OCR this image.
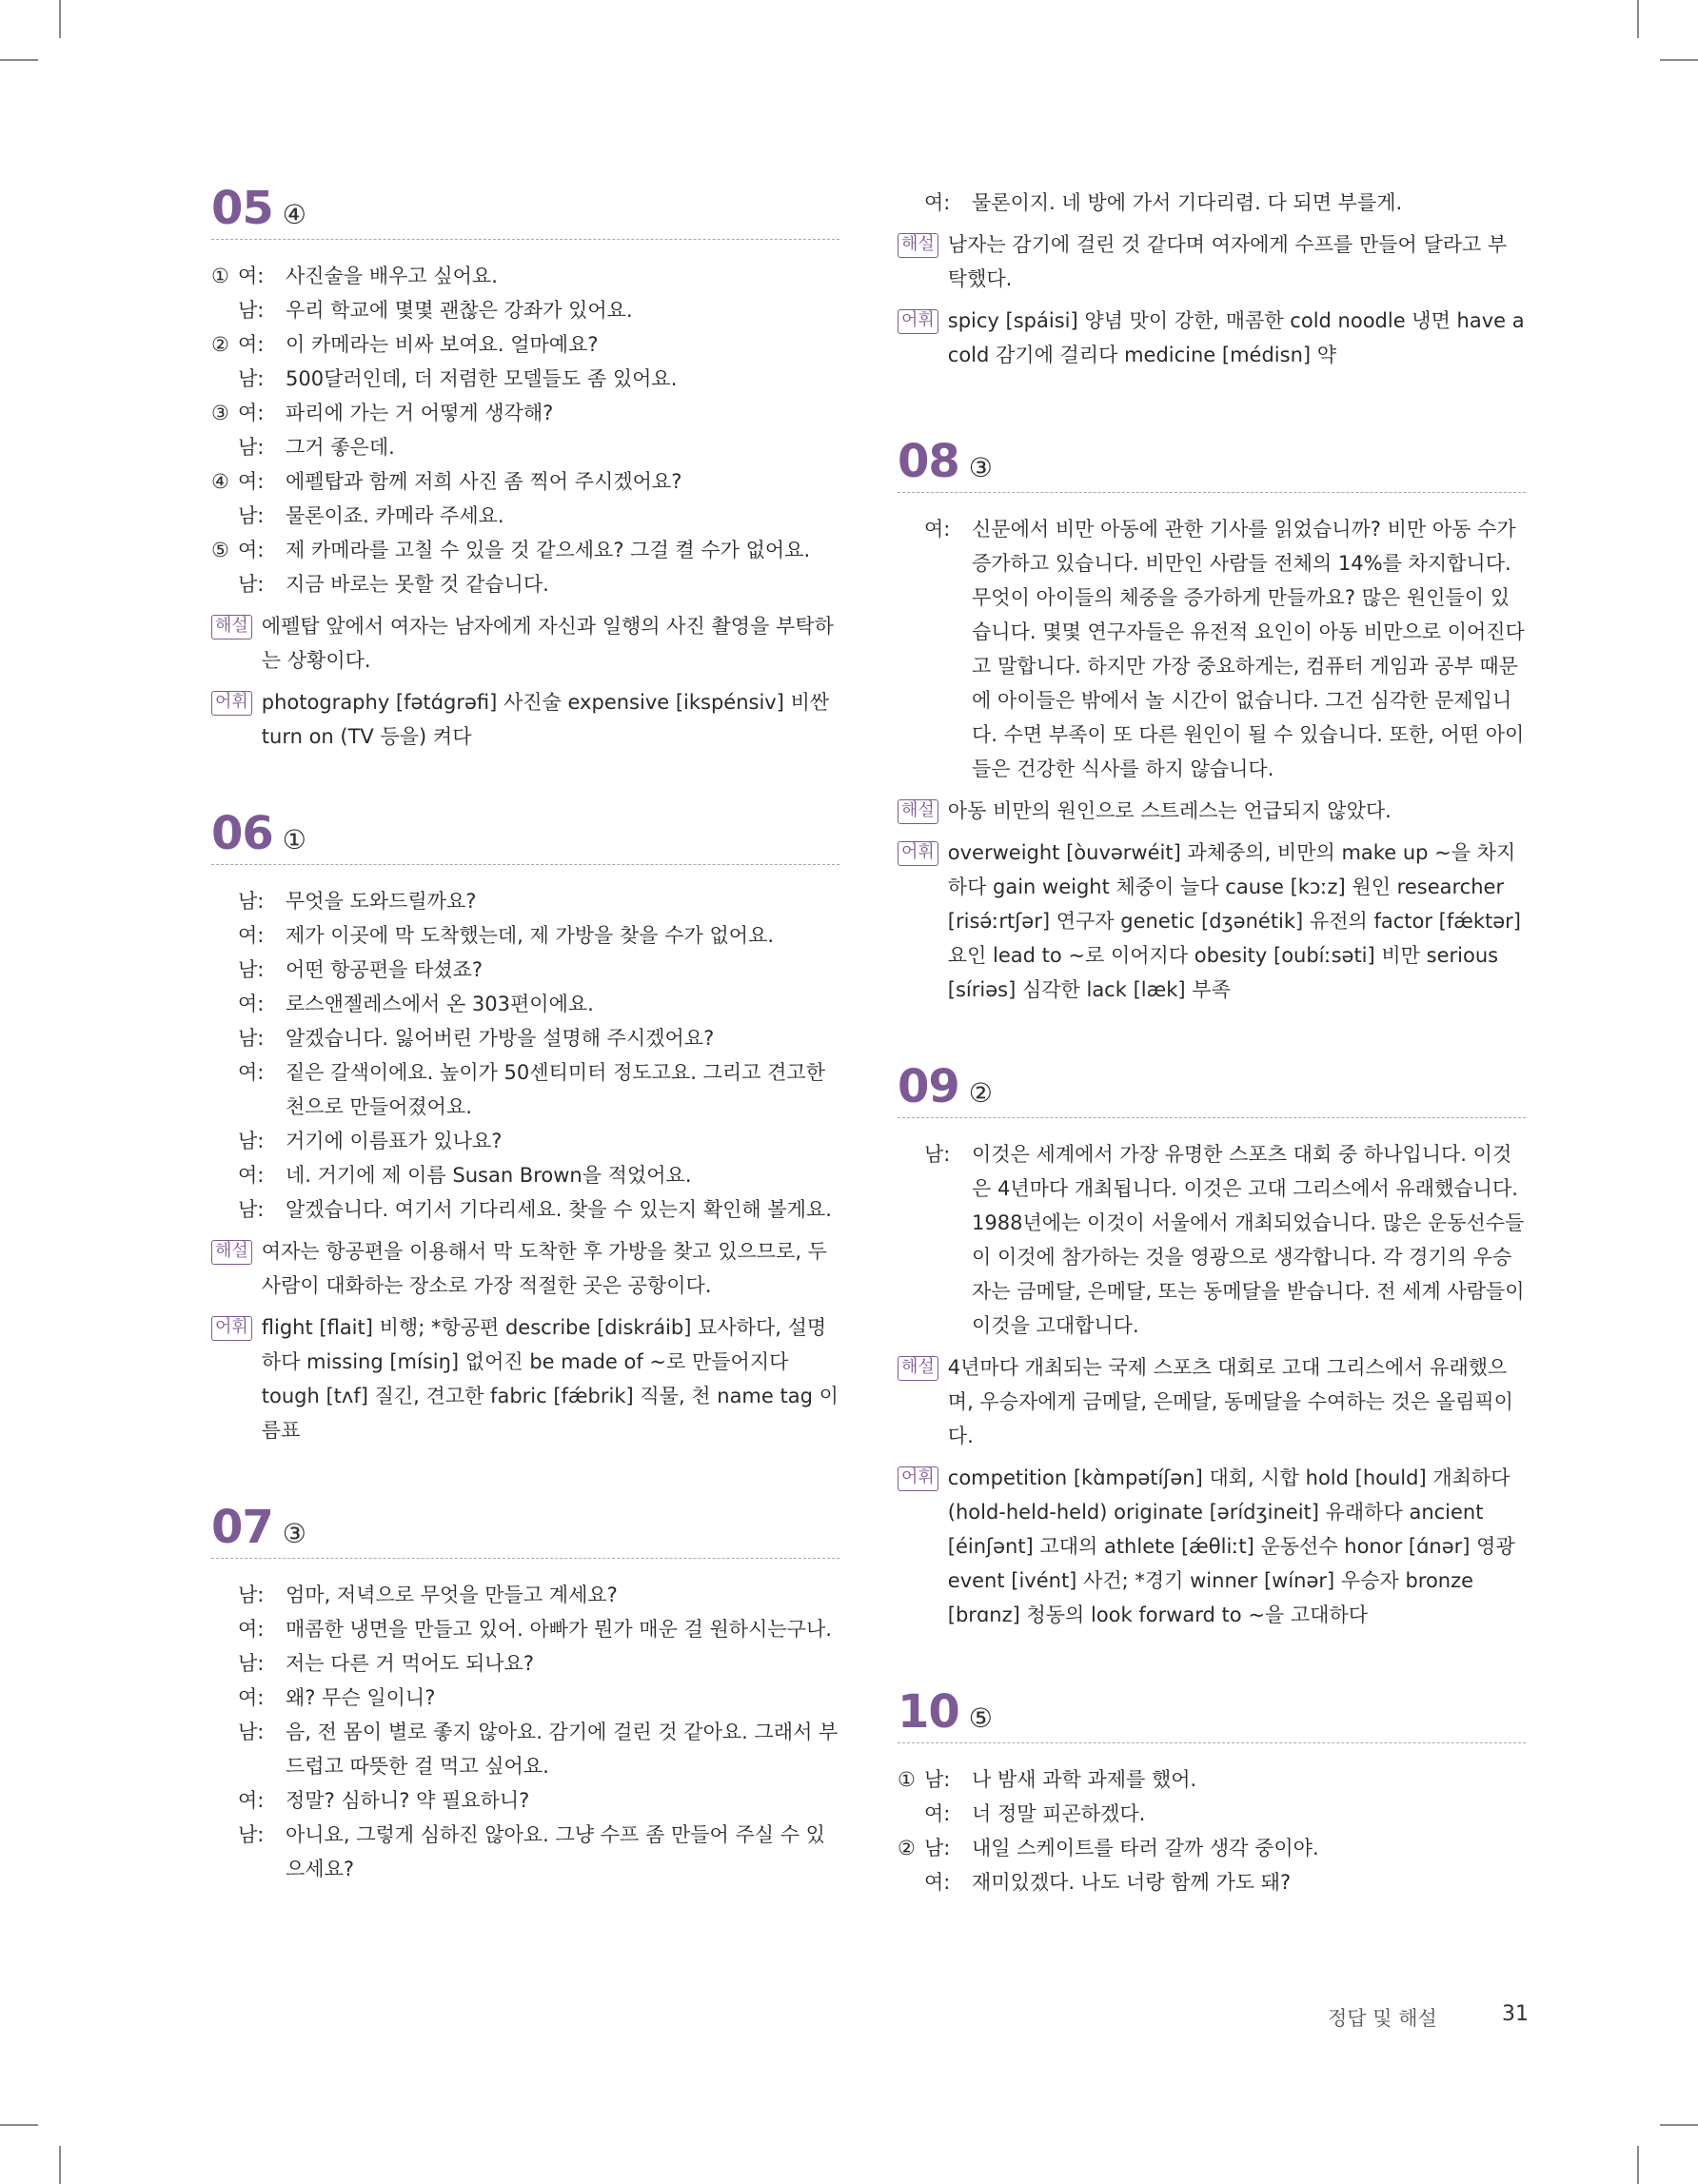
05 ④
① 여:	사진술을 배우고 싶어요.
남:	우리 학교에 몇몇 괜찮은 강좌가 있어요.
② 여:	이 카메라는 비싸 보여요. 얼마예요?
남:	500달러인데, 더 저렴한 모델들도 좀 있어요.
③ 여:	파리에 가는 거 어떻게 생각해?
남:	그거 좋은데.
④ 여:	에펠탑과 함께 저희 사진 좀 찍어 주시겠어요?
남:	물론이죠. 카메라 주세요.
⑤ 여:	제 카메라를 고칠 수 있을 것 같으세요? 그걸 켤 수가 없어요.
남:	지금 바로는 못할 것 같습니다.
해설 에펠탑 앞에서 여자는 남자에게 자신과 일행의 사진 촬영을 부탁하는 상황이다.
어휘 photography [fətɑ́grəfi] 사진술 expensive [ikspénsiv] 비싼 turn on (TV 등을) 켜다
06 ①
남:	무엇을 도와드릴까요?
여:	제가 이곳에 막 도착했는데, 제 가방을 찾을 수가 없어요.
남:	어떤 항공편을 타셨죠?
여:	로스앤젤레스에서 온 303편이에요.
남:	알겠습니다. 잃어버린 가방을 설명해 주시겠어요?
여:	짙은 갈색이에요. 높이가 50센티미터 정도고요. 그리고 견고한 천으로 만들어졌어요.
남:	거기에 이름표가 있나요?
여:	네. 거기에 제 이름 Susan Brown을 적었어요.
남:	알겠습니다. 여기서 기다리세요. 찾을 수 있는지 확인해 볼게요.
해설 여자는 항공편을 이용해서 막 도착한 후 가방을 찾고 있으므로, 두 사람이 대화하는 장소로 가장 적절한 곳은 공항이다.
어휘 flight [flait] 비행; *항공편 describe [diskráib] 묘사하다, 설명하다 missing [mísiŋ] 없어진 be made of ~로 만들어지다 tough [tʌf] 질긴, 견고한 fabric [fǽbrik] 직물, 천 name tag 이름표
07 ③
남:	엄마, 저녁으로 무엇을 만들고 계세요?
여:	매콤한 냉면을 만들고 있어. 아빠가 뭔가 매운 걸 원하시는구나.
남:	저는 다른 거 먹어도 되나요?
여:	왜? 무슨 일이니?
남:	음, 전 몸이 별로 좋지 않아요. 감기에 걸린 것 같아요. 그래서 부드럽고 따뜻한 걸 먹고 싶어요.
여:	정말? 심하니? 약 필요하니?
남:	아니요, 그렇게 심하진 않아요. 그냥 수프 좀 만들어 주실 수 있으세요?
여:	물론이지. 네 방에 가서 기다리렴. 다 되면 부를게.
해설 남자는 감기에 걸린 것 같다며 여자에게 수프를 만들어 달라고 부탁했다.
어휘 spicy [spáisi] 양념 맛이 강한, 매콤한 cold noodle 냉면 have a cold 감기에 걸리다 medicine [médisn] 약
08 ③
여:	신문에서 비만 아동에 관한 기사를 읽었습니까? 비만 아동 수가 증가하고 있습니다. 비만인 사람들 전체의 14%를 차지합니다. 무엇이 아이들의 체중을 증가하게 만들까요? 많은 원인들이 있습니다. 몇몇 연구자들은 유전적 요인이 아동 비만으로 이어진다고 말합니다. 하지만 가장 중요하게는, 컴퓨터 게임과 공부 때문에 아이들은 밖에서 놀 시간이 없습니다. 그건 심각한 문제입니다. 수면 부족이 또 다른 원인이 될 수 있습니다. 또한, 어떤 아이들은 건강한 식사를 하지 않습니다.
해설 아동 비만의 원인으로 스트레스는 언급되지 않았다.
어휘 overweight [òuvərwéit] 과체중의, 비만의 make up ~을 차지하다 gain weight 체중이 늘다 cause [kɔːz] 원인 researcher [risə́ːrtʃər] 연구자 genetic [dʒənétik] 유전의 factor [fǽktər] 요인 lead to ~로 이어지다 obesity [oubíːsəti] 비만 serious [síriəs] 심각한 lack [læk] 부족
09 ②
남:	이것은 세계에서 가장 유명한 스포츠 대회 중 하나입니다. 이것은 4년마다 개최됩니다. 이것은 고대 그리스에서 유래했습니다. 1988년에는 이것이 서울에서 개최되었습니다. 많은 운동선수들이 이것에 참가하는 것을 영광으로 생각합니다. 각 경기의 우승자는 금메달, 은메달, 또는 동메달을 받습니다. 전 세계 사람들이 이것을 고대합니다.
해설 4년마다 개최되는 국제 스포츠 대회로 고대 그리스에서 유래했으며, 우승자에게 금메달, 은메달, 동메달을 수여하는 것은 올림픽이다.
어휘 competition [kɑ̀mpətíʃən] 대회, 시합 hold [hould] 개최하다 (hold-held-held) originate [ərídʒineit] 유래하다 ancient [éinʃənt] 고대의 athlete [ǽθliːt] 운동선수 honor [ɑ́nər] 영광 event [ivént] 사건; *경기 winner [wínər] 우승자 bronze [brɑnz] 청동의 look forward to ~을 고대하다
10 ⑤
① 남:	나 밤새 과학 과제를 했어.
여:	너 정말 피곤하겠다.
② 남:	내일 스케이트를 타러 갈까 생각 중이야.
여:	재미있겠다. 나도 너랑 함께 가도 돼?
정답 및 해설	31
